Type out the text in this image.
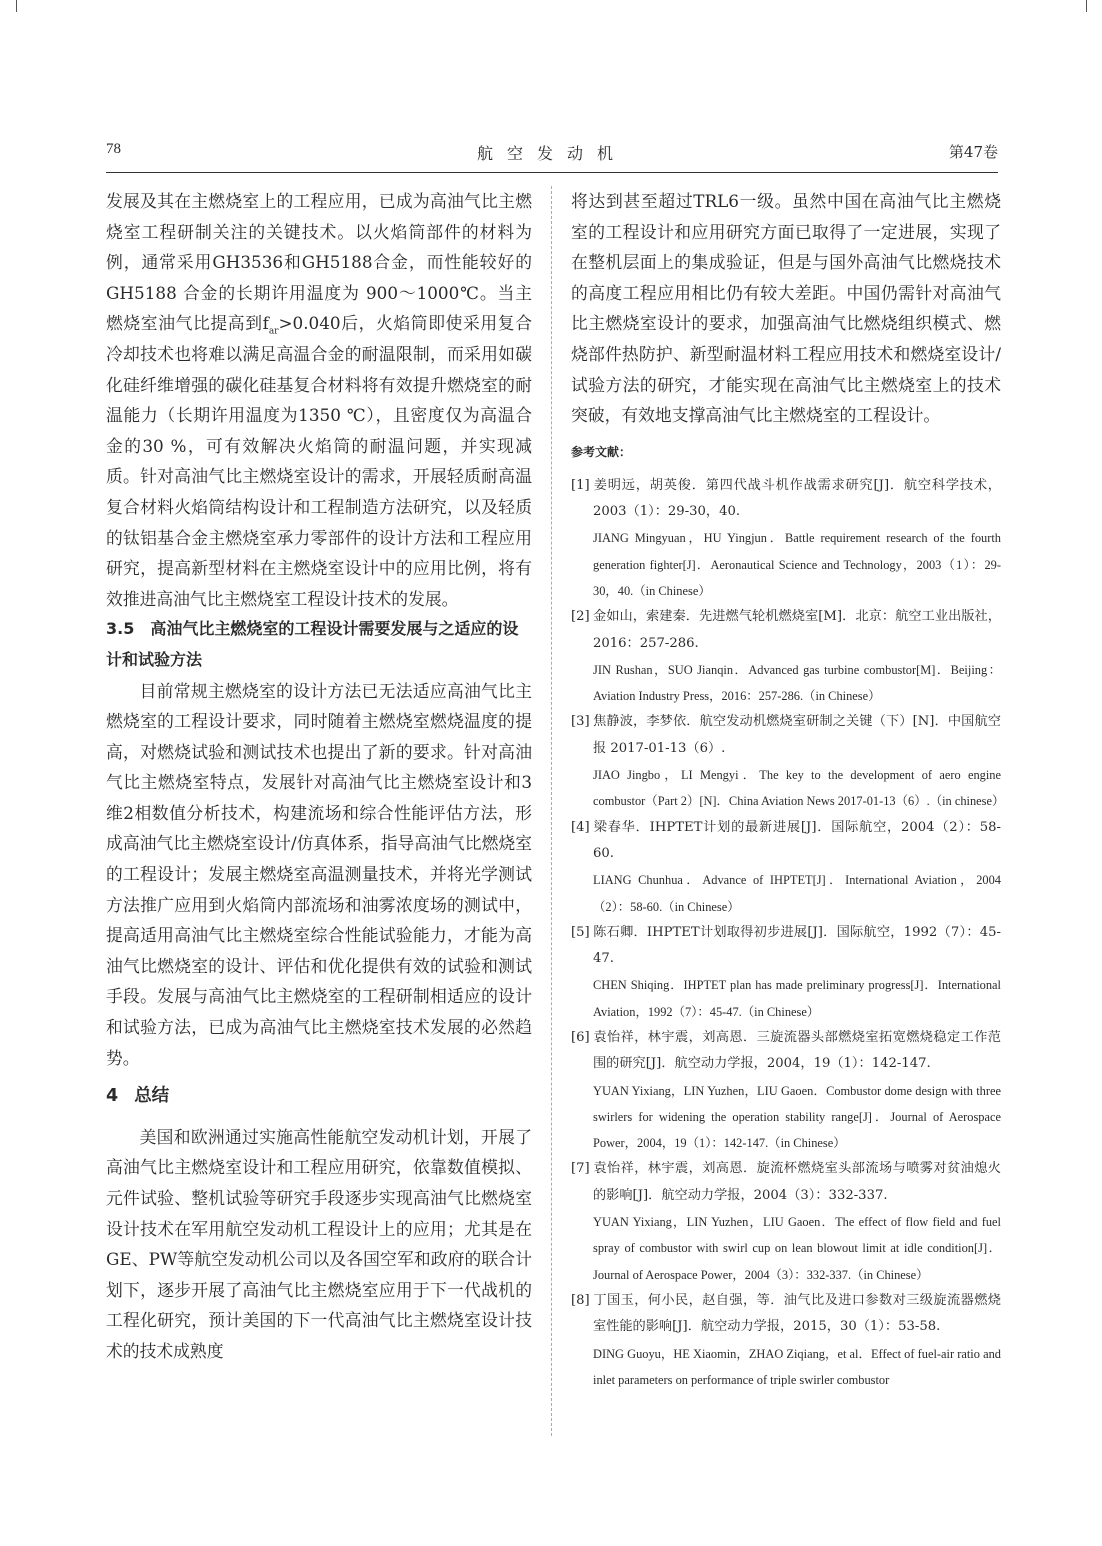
78	航空发动机	第47卷

发展及其在主燃烧室上的工程应用，已成为高油气比主燃烧室工程研制关注的关键技术。以火焰筒部件的材料为例，通常采用GH3536和GH5188合金，而性能较好的 GH5188 合金的长期许用温度为 900～1000℃。当主燃烧室油气比提高到$f_{ar}>0.040$后，火焰筒即使采用复合冷却技术也将难以满足高温合金的耐温限制，而采用如碳化硅纤维增强的碳化硅基复合材料将有效提升燃烧室的耐温能力（长期许用温度为1350 ℃），且密度仅为高温合金的30 %，可有效解决火焰筒的耐温问题，并实现减质。针对高油气比主燃烧室设计的需求，开展轻质耐高温复合材料火焰筒结构设计和工程制造方法研究，以及轻质的钛铝基合金主燃烧室承力零部件的设计方法和工程应用研究，提高新型材料在主燃烧室设计中的应用比例，将有效推进高油气比主燃烧室工程设计技术的发展。

3.5 高油气比主燃烧室的工程设计需要发展与之适应的设计和试验方法

目前常规主燃烧室的设计方法已无法适应高油气比主燃烧室的工程设计要求，同时随着主燃烧室燃烧温度的提高，对燃烧试验和测试技术也提出了新的要求。针对高油气比主燃烧室特点，发展针对高油气比主燃烧室设计和3维2相数值分析技术，构建流场和综合性能评估方法，形成高油气比主燃烧室设计/仿真体系，指导高油气比燃烧室的工程设计；发展主燃烧室高温测量技术，并将光学测试方法推广应用到火焰筒内部流场和油雾浓度场的测试中，提高适用高油气比主燃烧室综合性能试验能力，才能为高油气比燃烧室的设计、评估和优化提供有效的试验和测试手段。发展与高油气比主燃烧室的工程研制相适应的设计和试验方法，已成为高油气比主燃烧室技术发展的必然趋势。

4 总结

美国和欧洲通过实施高性能航空发动机计划，开展了高油气比主燃烧室设计和工程应用研究，依靠数值模拟、元件试验、整机试验等研究手段逐步实现高油气比燃烧室设计技术在军用航空发动机工程设计上的应用；尤其是在GE、PW等航空发动机公司以及各国空军和政府的联合计划下，逐步开展了高油气比主燃烧室应用于下一代战机的工程化研究，预计美国的下一代高油气比主燃烧室设计技术的技术成熟度

将达到甚至超过TRL6一级。虽然中国在高油气比主燃烧室的工程设计和应用研究方面已取得了一定进展，实现了在整机层面上的集成验证，但是与国外高油气比燃烧技术的高度工程应用相比仍有较大差距。中国仍需针对高油气比主燃烧室设计的要求，加强高油气比燃烧组织模式、燃烧部件热防护、新型耐温材料工程应用技术和燃烧室设计/试验方法的研究，才能实现在高油气比主燃烧室上的技术突破，有效地支撑高油气比主燃烧室的工程设计。

参考文献：

[1] 姜明远，胡英俊．第四代战斗机作战需求研究[J]．航空科学技术，2003（1）：29-30，40.

JIANG Mingyuan，HU Yingjun．Battle requirement research of the fourth generation fighter[J]．Aeronautical Science and Technology，2003（1）：29-30，40.（in Chinese）

[2] 金如山，索建秦．先进燃气轮机燃烧室[M]．北京：航空工业出版社，2016：257-286.

JIN Rushan，SUO Jianqin．Advanced gas turbine combustor[M]．Beijing：Aviation Industry Press，2016：257-286.（in Chinese）

[3] 焦静波，李梦依．航空发动机燃烧室研制之关键（下）[N]．中国航空报 2017-01-13（6）.

JIAO Jingbo，LI Mengyi．The key to the development of aero engine combustor（Part 2）[N]．China Aviation News 2017-01-13（6）.（in chinese）

[4] 梁春华．IHPTET计划的最新进展[J]．国际航空，2004（2）：58-60.

LIANG Chunhua．Advance of IHPTET[J]．International Aviation，2004（2）：58-60.（in Chinese）

[5] 陈石卿．IHPTET计划取得初步进展[J]．国际航空，1992（7）：45-47.

CHEN Shiqing．IHPTET plan has made preliminary progress[J]．International Aviation，1992（7）：45-47.（in Chinese）

[6] 袁怡祥，林宇震，刘高恩．三旋流器头部燃烧室拓宽燃烧稳定工作范围的研究[J]．航空动力学报，2004，19（1）：142-147.

YUAN Yixiang，LIN Yuzhen，LIU Gaoen．Combustor dome design with three swirlers for widening the operation stability range[J]．Journal of Aerospace Power，2004，19（1）：142-147.（in Chinese）

[7] 袁怡祥，林宇震，刘高恩．旋流杯燃烧室头部流场与喷雾对贫油熄火的影响[J]．航空动力学报，2004（3）：332-337.

YUAN Yixiang，LIN Yuzhen，LIU Gaoen．The effect of flow field and fuel spray of combustor with swirl cup on lean blowout limit at idle condition[J]．Journal of Aerospace Power，2004（3）：332-337.（in Chinese）

[8] 丁国玉，何小民，赵自强，等．油气比及进口参数对三级旋流器燃烧室性能的影响[J]．航空动力学报，2015，30（1）：53-58.

DING Guoyu，HE Xiaomin，ZHAO Ziqiang，et al．Effect of fuel-air ratio and inlet parameters on performance of triple swirler combustor
